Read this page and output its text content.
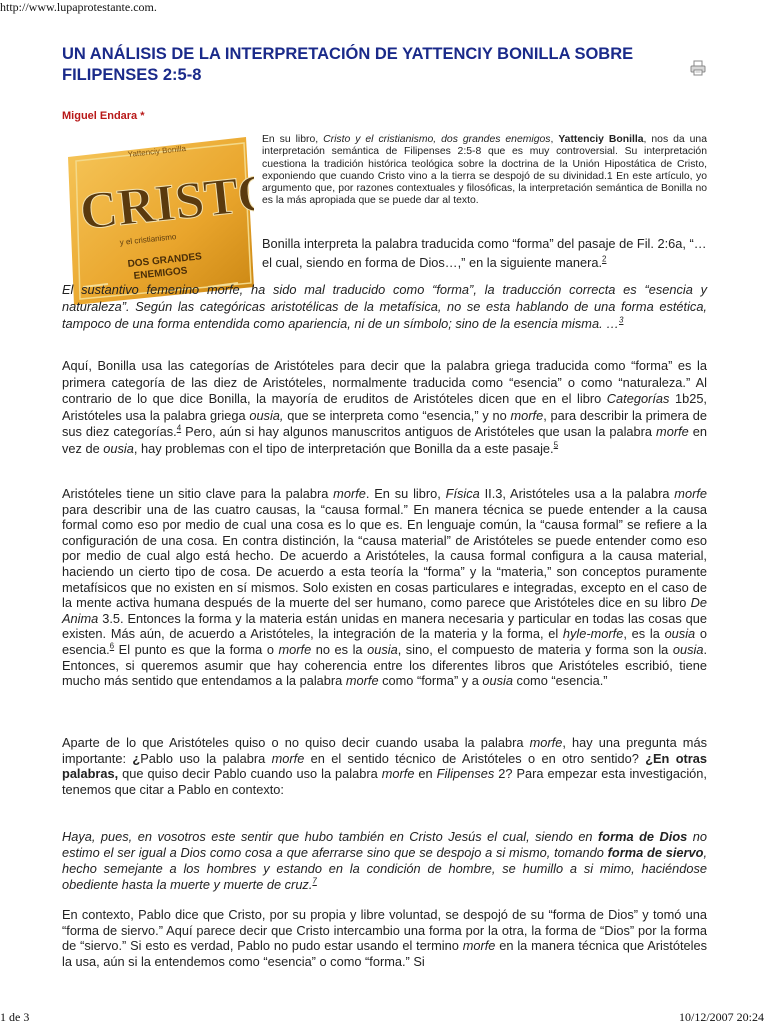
http://www.lupaprotestante.com.
UN ANÁLISIS DE LA INTERPRETACIÓN DE YATTENCIY BONILLA SOBRE FILIPENSES 2:5-8
Miguel Endara *
Yattenciy Bonilla
CRISTO
y el cristianismo
DOS GRANDES
ENEMIGOS

En su libro, Cristo y el cristianismo, dos grandes enemigos, Yattenciy Bonilla, nos da una interpretación semántica de Filipenses 2:5-8 que es muy controversial. Su interpretación cuestiona la tradición histórica teológica sobre la doctrina de la Unión Hipostática de Cristo, exponiendo que cuando Cristo vino a la tierra se despojó de su divinidad.1 En este artículo, yo argumento que, por razones contextuales y filosóficas, la interpretación semántica de Bonilla no es la más apropiada que se puede dar al texto.

Bonilla interpreta la palabra traducida como “forma” del pasaje de Fil. 2:6a, “… el cual, siendo en forma de Dios…,” en la siguiente manera.$^2$

El sustantivo femenino morfe, ha sido mal traducido como “forma”, la traducción correcta es “esencia y naturaleza”. Según las categóricas aristotélicas de la metafísica, no se esta hablando de una forma estética, tampoco de una forma entendida como apariencia, ni de un símbolo; sino de la esencia misma. …$^3$

Aquí, Bonilla usa las categorías de Aristóteles para decir que la palabra griega traducida como “forma” es la primera categoría de las diez de Aristóteles, normalmente traducida como “esencia” o como “naturaleza.” Al contrario de lo que dice Bonilla, la mayoría de eruditos de Aristóteles dicen que en el libro Categorías 1b25, Aristóteles usa la palabra griega ousia, que se interpreta como “esencia,” y no morfe, para describir la primera de sus diez categorías.$^4$ Pero, aún si hay algunos manuscritos antiguos de Aristóteles que usan la palabra morfe en vez de ousia, hay problemas con el tipo de interpretación que Bonilla da a este pasaje.$^5$

Aristóteles tiene un sitio clave para la palabra morfe. En su libro, Física II.3, Aristóteles usa a la palabra morfe para describir una de las cuatro causas, la “causa formal.” En manera técnica se puede entender a la causa formal como eso por medio de cual una cosa es lo que es. En lenguaje común, la “causa formal” se refiere a la configuración de una cosa. En contra distinción, la “causa material” de Aristóteles se puede entender como eso por medio de cual algo está hecho. De acuerdo a Aristóteles, la causa formal configura a la causa material, haciendo un cierto tipo de cosa. De acuerdo a esta teoría la “forma” y la “materia,” son conceptos puramente metafísicos que no existen en sí mismos. Solo existen en cosas particulares e integradas, excepto en el caso de la mente activa humana después de la muerte del ser humano, como parece que Aristóteles dice en su libro De Anima 3.5. Entonces la forma y la materia están unidas en manera necesaria y particular en todas las cosas que existen. Más aún, de acuerdo a Aristóteles, la integración de la materia y la forma, el hyle-morfe, es la ousia o esencia.$^6$ El punto es que la forma o morfe no es la ousia, sino, el compuesto de materia y forma son la ousia. Entonces, si queremos asumir que hay coherencia entre los diferentes libros que Aristóteles escribió, tiene mucho más sentido que entendamos a la palabra morfe como “forma” y a ousia como “esencia.”

Aparte de lo que Aristóteles quiso o no quiso decir cuando usaba la palabra morfe, hay una pregunta más importante: ¿Pablo uso la palabra morfe en el sentido técnico de Aristóteles o en otro sentido? ¿En otras palabras, que quiso decir Pablo cuando uso la palabra morfe en Filipenses 2? Para empezar esta investigación, tenemos que citar a Pablo en contexto:

Haya, pues, en vosotros este sentir que hubo también en Cristo Jesús el cual, siendo en forma de Dios no estimo el ser igual a Dios como cosa a que aferrarse sino que se despojo a si mismo, tomando forma de siervo, hecho semejante a los hombres y estando en la condición de hombre, se humillo a si mimo, haciéndose obediente hasta la muerte y muerte de cruz.$^7$

En contexto, Pablo dice que Cristo, por su propia y libre voluntad, se despojó de su “forma de Dios” y tomó una “forma de siervo.” Aquí parece decir que Cristo intercambio una forma por la otra, la forma de “Dios” por la forma de “siervo.” Si esto es verdad, Pablo no pudo estar usando el termino morfe en la manera técnica que Aristóteles la usa, aún si la entendemos como “esencia” o como “forma.” Si

1 de 3	10/12/2007 20:24
